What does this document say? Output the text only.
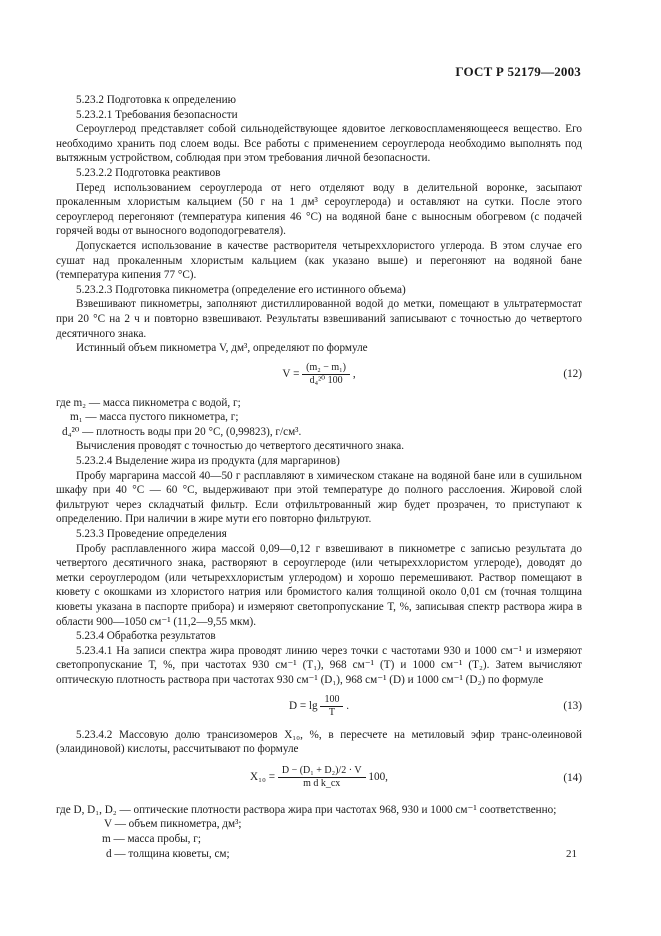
ГОСТ Р 52179—2003

5.23.2 Подготовка к определению

5.23.2.1 Требования безопасности

Сероуглерод представляет собой сильнодействующее ядовитое легковоспламеняющееся вещество. Его необходимо хранить под слоем воды. Все работы с применением сероуглерода необходимо выполнять под вытяжным устройством, соблюдая при этом требования личной безопасности.

5.23.2.2 Подготовка реактивов

Перед использованием сероуглерода от него отделяют воду в делительной воронке, засыпают прокаленным хлористым кальцием (50 г на 1 дм³ сероуглерода) и оставляют на сутки. После этого сероуглерод перегоняют (температура кипения 46 °С) на водяной бане с выносным обогревом (с подачей горячей воды от выносного водоподогревателя).

Допускается использование в качестве растворителя четыреххлористого углерода. В этом случае его сушат над прокаленным хлористым кальцием (как указано выше) и перегоняют на водяной бане (температура кипения 77 °С).

5.23.2.3 Подготовка пикнометра (определение его истинного объема)

Взвешивают пикнометры, заполняют дистиллированной водой до метки, помещают в ультратермостат при 20 °С на 2 ч и повторно взвешивают. Результаты взвешиваний записывают с точностью до четвертого десятичного знака.

Истинный объем пикнометра V, дм³, определяют по формуле

$V = \frac{\text{(m₂ − m₁)}}{\text{d₄²⁰ 100}}$ ,	(12)

где m₂ — масса пикнометра с водой, г;

m₁ — масса пустого пикнометра, г;

d₄²⁰ — плотность воды при 20 °С, (0,99823), г/см³.

Вычисления проводят с точностью до четвертого десятичного знака.

5.23.2.4 Выделение жира из продукта (для маргаринов)

Пробу маргарина массой 40—50 г расплавляют в химическом стакане на водяной бане или в сушильном шкафу при 40 °С — 60 °С, выдерживают при этой температуре до полного расслоения. Жировой слой фильтруют через складчатый фильтр. Если отфильтрованный жир будет прозрачен, то приступают к определению. При наличии в жире мути его повторно фильтруют.

5.23.3 Проведение определения

Пробу расплавленного жира массой 0,09—0,12 г взвешивают в пикнометре с записью результата до четвертого десятичного знака, растворяют в сероуглероде (или четыреххлористом углероде), доводят до метки сероуглеродом (или четыреххлористым углеродом) и хорошо перемешивают. Раствор помещают в кювету с окошками из хлористого натрия или бромистого калия толщиной около 0,01 см (точная толщина кюветы указана в паспорте прибора) и измеряют светопропускание Т, %, записывая спектр раствора жира в области 900—1050 см⁻¹ (11,2—9,55 мкм).

5.23.4 Обработка результатов

5.23.4.1 На записи спектра жира проводят линию через точки с частотами 930 и 1000 см⁻¹ и измеряют светопропускание Т, %, при частотах 930 см⁻¹ (Т₁), 968 см⁻¹ (Т) и 1000 см⁻¹ (Т₂). Затем вычисляют оптическую плотность раствора при частотах 930 см⁻¹ (D₁), 968 см⁻¹ (D) и 1000 см⁻¹ (D₂) по формуле

$D = \lg \frac{100}{T}$ .	(13)

5.23.4.2 Массовую долю трансизомеров X₁₀, %, в пересчете на метиловый эфир транс-олеиновой (элаидиновой) кислоты, рассчитывают по формуле

$X_{10} = \frac{\text{D − (D₁ + D₂)/2 · V}}{\text{m d k\_сх}} 100$,	(14)

где D, D₁, D₂ — оптические плотности раствора жира при частотах 968, 930 и 1000 см⁻¹ соответственно;

V — объем пикнометра, дм³;

m — масса пробы, г;

d — толщина кюветы, см;	21
